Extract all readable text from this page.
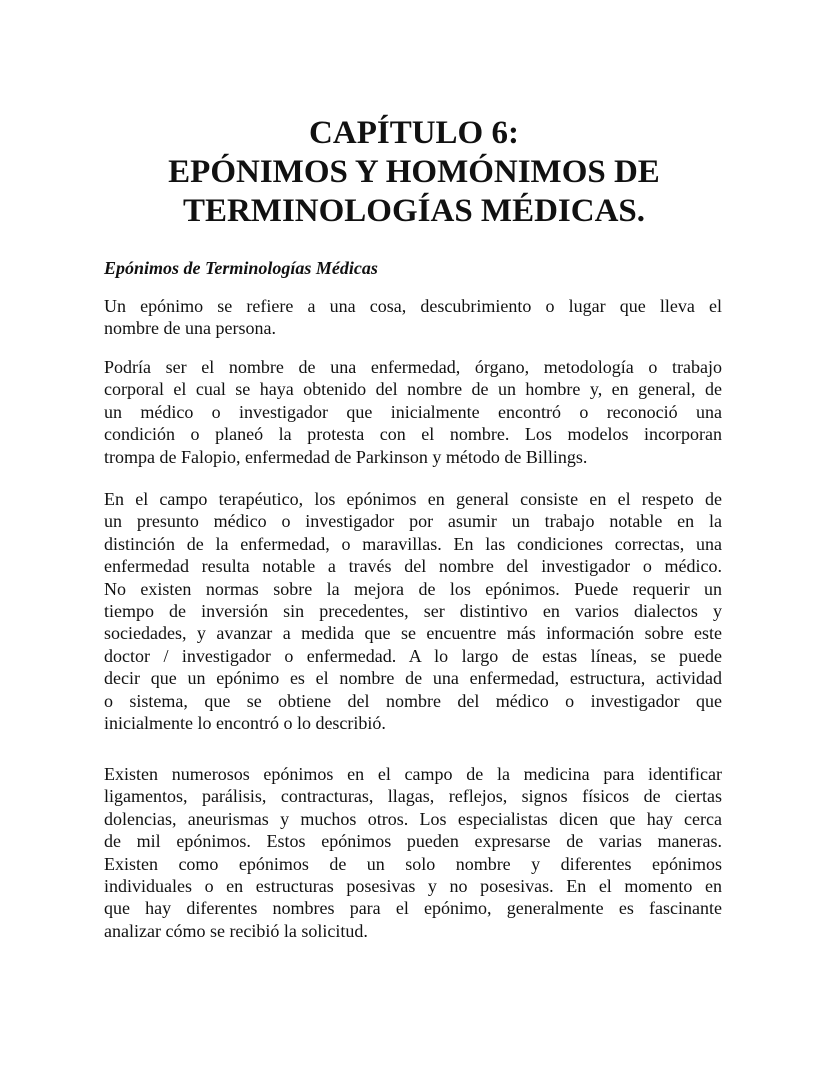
CAPÍTULO 6:
EPÓNIMOS Y HOMÓNIMOS DE
TERMINOLOGÍAS MÉDICAS.
Epónimos de Terminologías Médicas
Un epónimo se refiere a una cosa, descubrimiento o lugar que lleva el
nombre de una persona.
Podría ser el nombre de una enfermedad, órgano, metodología o trabajo
corporal el cual se haya obtenido del nombre de un hombre y, en general, de
un médico o investigador que inicialmente encontró o reconoció una
condición o planeó la protesta con el nombre. Los modelos incorporan
trompa de Falopio, enfermedad de Parkinson y método de Billings.
En el campo terapéutico, los epónimos en general consiste en el respeto de
un presunto médico o investigador por asumir un trabajo notable en la
distinción de la enfermedad, o maravillas. En las condiciones correctas, una
enfermedad resulta notable a través del nombre del investigador o médico.
No existen normas sobre la mejora de los epónimos. Puede requerir un
tiempo de inversión sin precedentes, ser distintivo en varios dialectos y
sociedades, y avanzar a medida que se encuentre más información sobre este
doctor / investigador o enfermedad. A lo largo de estas líneas, se puede
decir que un epónimo es el nombre de una enfermedad, estructura, actividad
o sistema, que se obtiene del nombre del médico o investigador que
inicialmente lo encontró o lo describió.
Existen numerosos epónimos en el campo de la medicina para identificar
ligamentos, parálisis, contracturas, llagas, reflejos, signos físicos de ciertas
dolencias, aneurismas y muchos otros. Los especialistas dicen que hay cerca
de mil epónimos. Estos epónimos pueden expresarse de varias maneras.
Existen como epónimos de un solo nombre y diferentes epónimos
individuales o en estructuras posesivas y no posesivas. En el momento en
que hay diferentes nombres para el epónimo, generalmente es fascinante
analizar cómo se recibió la solicitud.
